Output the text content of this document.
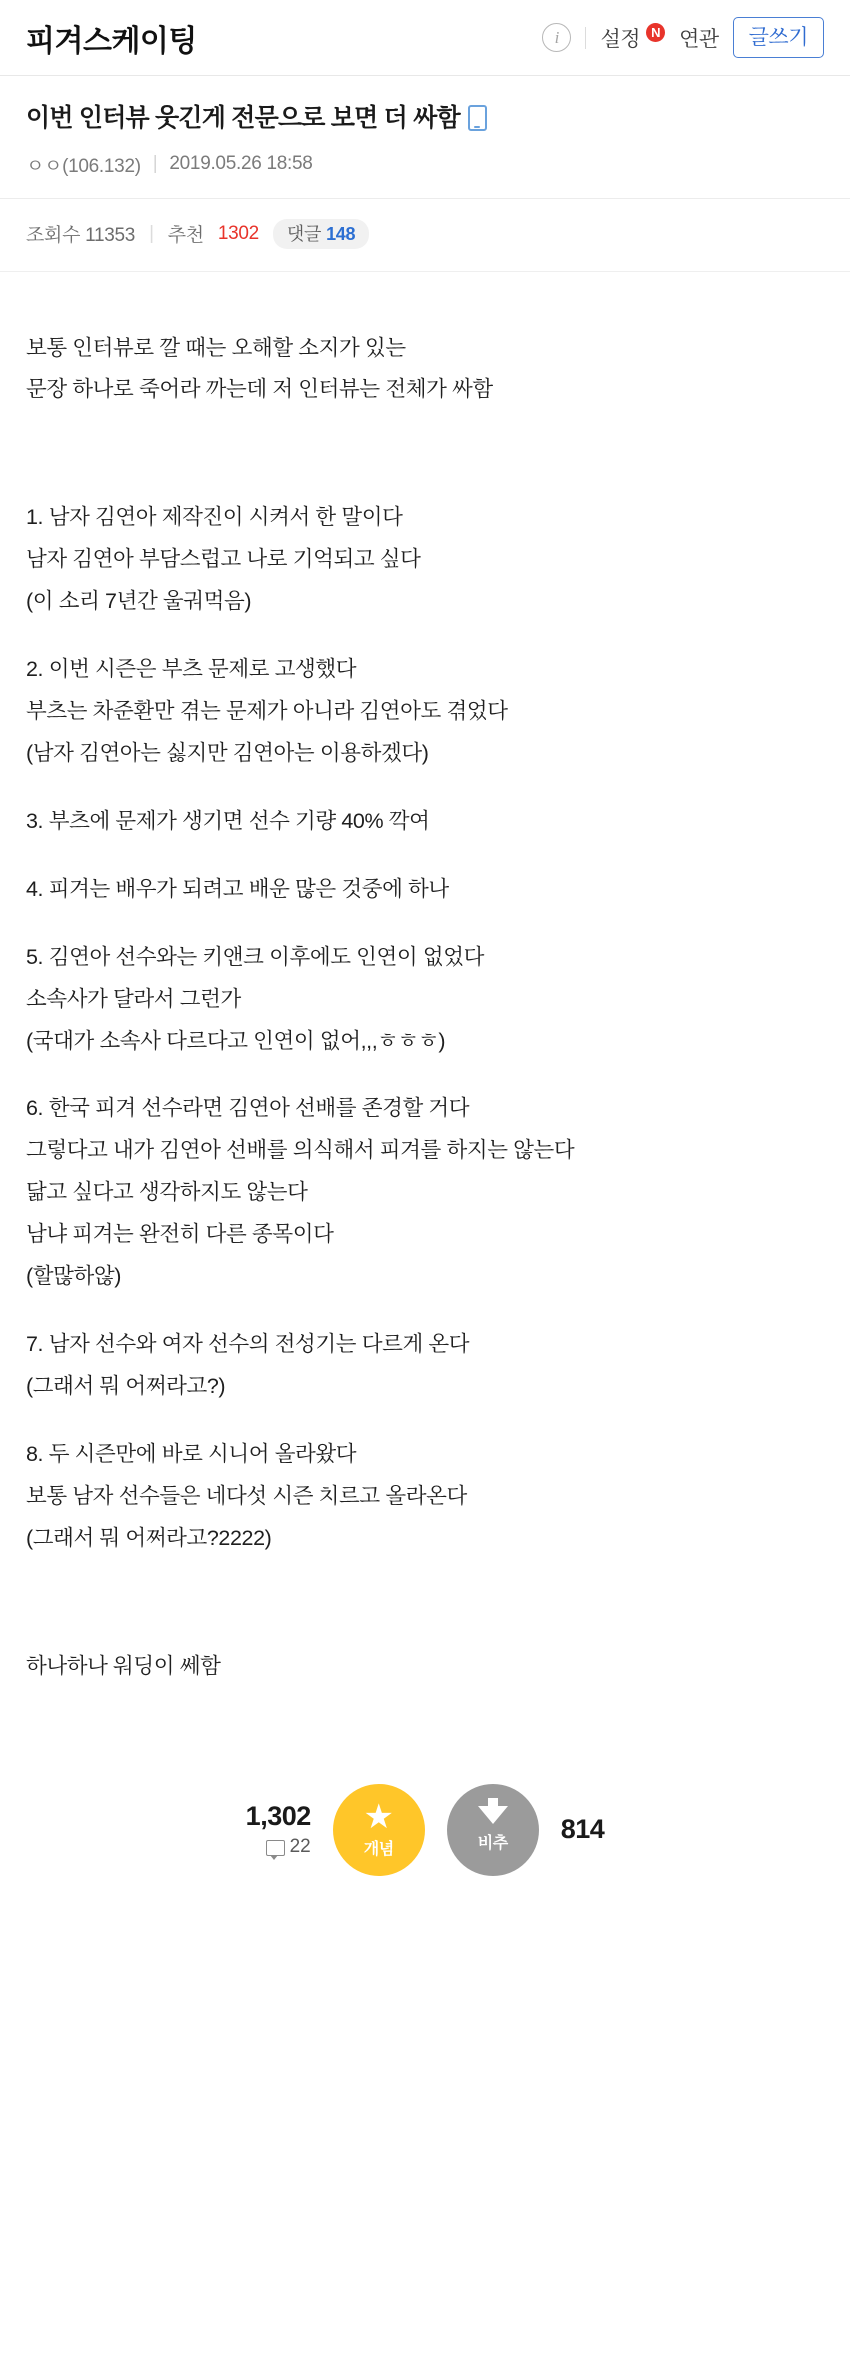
피겨스케이팅	i	설정 N 연관	글쓰기
이번 인터뷰 웃긴게 전문으로 보면 더 싸함
ㅇㅇ(106.132) | 2019.05.26 18:58
조회수 11353 | 추천 1302 댓글 148

보통 인터뷰로 깔 때는 오해할 소지가 있는

문장 하나로 죽어라 까는데 저 인터뷰는 전체가 싸함

1. 남자 김연아 제작진이 시켜서 한 말이다

남자 김연아 부담스럽고 나로 기억되고 싶다

(이 소리 7년간 울궈먹음)

2. 이번 시즌은 부츠 문제로 고생했다

부츠는 차준환만 겪는 문제가 아니라 김연아도 겪었다

(남자 김연아는 싫지만 김연아는 이용하겠다)

3. 부츠에 문제가 생기면 선수 기량 40% 깍여

4. 피겨는 배우가 되려고 배운 많은 것중에 하나

5. 김연아 선수와는 키앤크 이후에도 인연이 없었다

소속사가 달라서 그런가

(국대가 소속사 다르다고 인연이 없어,,,ㅎㅎㅎ)

6. 한국 피겨 선수라면 김연아 선배를 존경할 거다

그렇다고 내가 김연아 선배를 의식해서 피겨를 하지는 않는다

닮고 싶다고 생각하지도 않는다

남냐 피겨는 완전히 다른 종목이다

(할많하않)

7. 남자 선수와 여자 선수의 전성기는 다르게 온다

(그래서 뭐 어쩌라고?)

8. 두 시즌만에 바로 시니어 올라왔다

보통 남자 선수들은 네다섯 시즌 치르고 올라온다

(그래서 뭐 어쩌라고?2222)

하나하나 워딩이 쎄함

1,302
22
★
개념	비추 814
